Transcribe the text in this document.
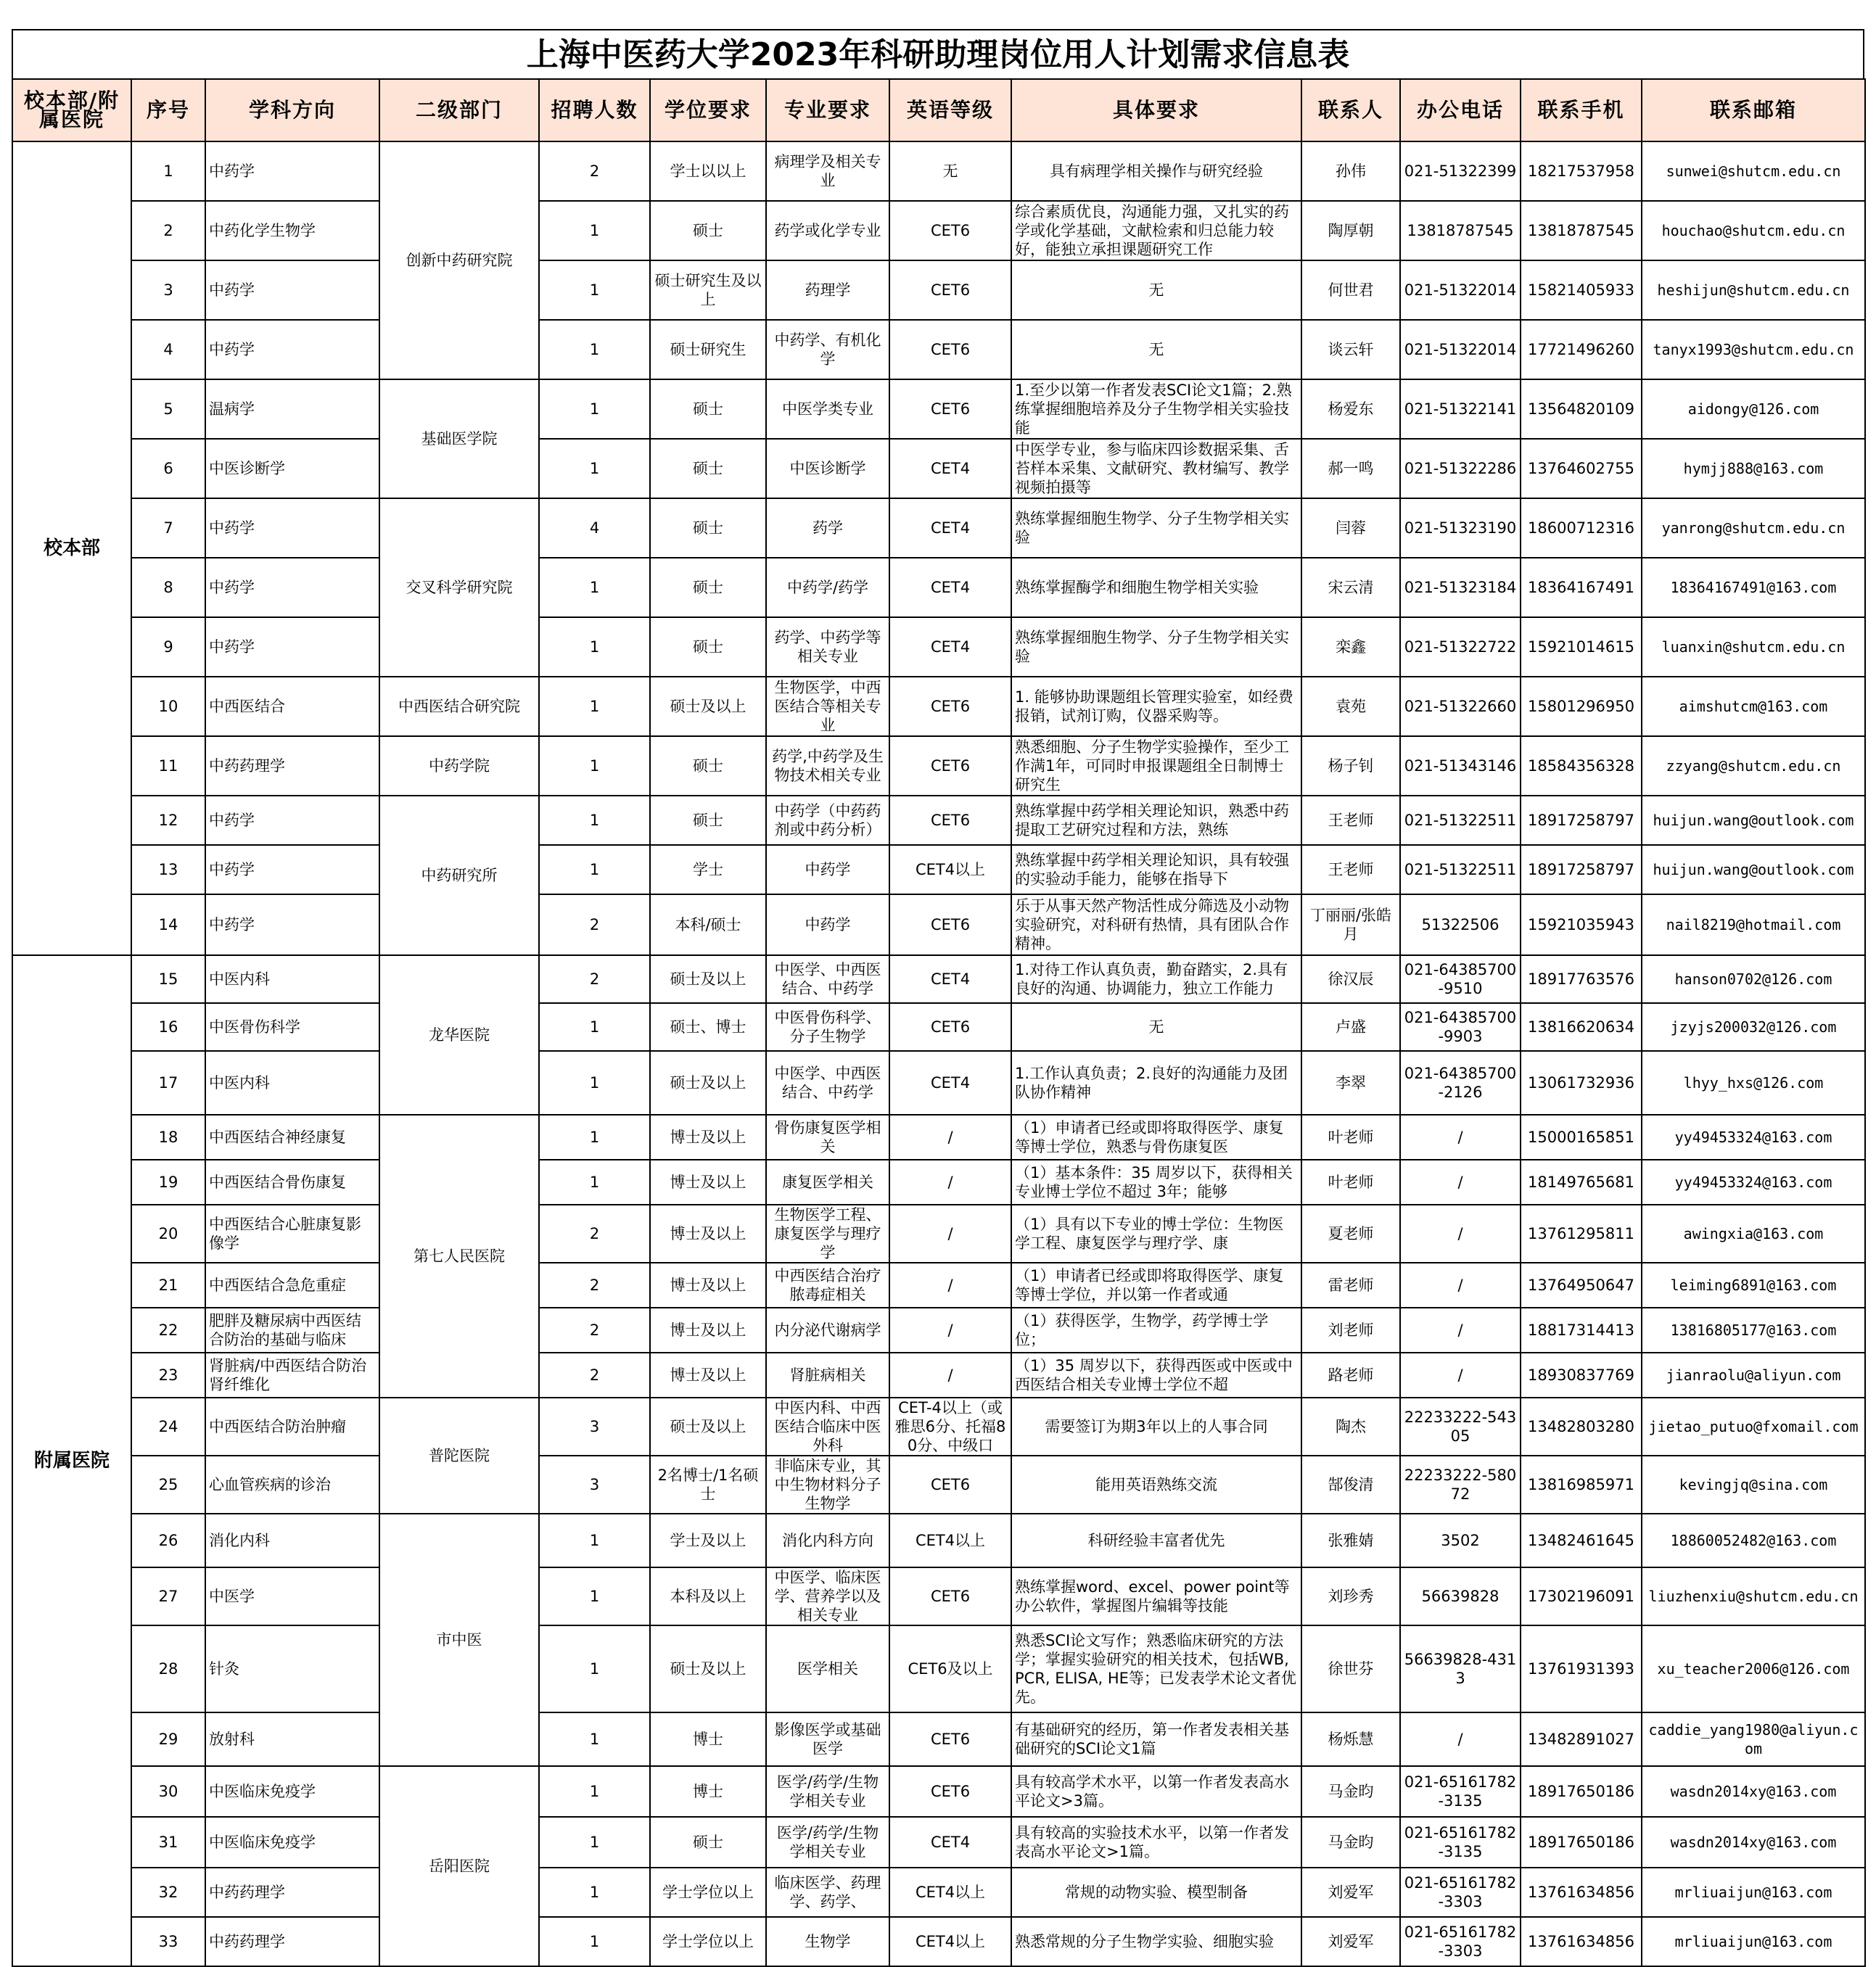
上海中医药大学2023年科研助理岗位用人计划需求信息表
校本部/附属医院	序号	学科方向	二级部门	招聘人数	学位要求	专业要求	英语等级	具体要求	联系人	办公电话	联系手机	联系邮箱
校本部	1	中药学	创新中药研究院	2	学士以以上	病理学及相关专业	无	具有病理学相关操作与研究经验	孙伟	021-51322399	18217537958	sunwei@shutcm.edu.cn
	2	中药化学生物学		1	硕士	药学或化学专业	CET6	综合素质优良，沟通能力强，又扎实的药学或化学基础，文献检索和归总能力较好，能独立承担课题研究工作	陶厚朝	13818787545	13818787545	houchao@shutcm.edu.cn
	3	中药学		1	硕士研究生及以上	药理学	CET6	无	何世君	021-51322014	15821405933	heshijun@shutcm.edu.cn
	4	中药学		1	硕士研究生	中药学、有机化学	CET6	无	谈云轩	021-51322014	17721496260	tanyx1993@shutcm.edu.cn
	5	温病学	基础医学院	1	硕士	中医学类专业	CET6	1.至少以第一作者发表SCI论文1篇；2.熟练掌握细胞培养及分子生物学相关实验技能	杨爱东	021-51322141	13564820109	aidongy@126.com
	6	中医诊断学		1	硕士	中医诊断学	CET4	中医学专业，参与临床四诊数据采集、舌苔样本采集、文献研究、教材编写、教学视频拍摄等	郝一鸣	021-51322286	13764602755	hymjj888@163.com
	7	中药学	交叉科学研究院	4	硕士	药学	CET4	熟练掌握细胞生物学、分子生物学相关实验	闫蓉	021-51323190	18600712316	yanrong@shutcm.edu.cn
	8	中药学		1	硕士	中药学/药学	CET4	熟练掌握酶学和细胞生物学相关实验	宋云清	021-51323184	18364167491	18364167491@163.com
	9	中药学		1	硕士	药学、中药学等相关专业	CET4	熟练掌握细胞生物学、分子生物学相关实验	栾鑫	021-51322722	15921014615	luanxin@shutcm.edu.cn
	10	中西医结合	中西医结合研究院	1	硕士及以上	生物医学，中西医结合等相关专业	CET6	1. 能够协助课题组长管理实验室，如经费报销，试剂订购，仪器采购等。	袁苑	021-51322660	15801296950	aimshutcm@163.com
	11	中药药理学	中药学院	1	硕士	药学,中药学及生物技术相关专业	CET6	熟悉细胞、分子生物学实验操作，至少工作满1年，可同时申报课题组全日制博士研究生	杨子钊	021-51343146	18584356328	zzyang@shutcm.edu.cn
	12	中药学	中药研究所	1	硕士	中药学（中药药剂或中药分析）	CET6	熟练掌握中药学相关理论知识，熟悉中药提取工艺研究过程和方法，熟练	王老师	021-51322511	18917258797	huijun.wang@outlook.com
	13	中药学		1	学士	中药学	CET4以上	熟练掌握中药学相关理论知识，具有较强的实验动手能力，能够在指导下	王老师	021-51322511	18917258797	huijun.wang@outlook.com
	14	中药学		2	本科/硕士	中药学	CET6	乐于从事天然产物活性成分筛选及小动物实验研究，对科研有热情，具有团队合作精神。	丁丽丽/张皓月	51322506	15921035943	nail8219@hotmail.com
附属医院	15	中医内科	龙华医院	2	硕士及以上	中医学、中西医结合、中药学	CET4	1.对待工作认真负责，勤奋踏实，2.具有良好的沟通、协调能力，独立工作能力	徐汉辰	021-64385700-9510	18917763576	hanson0702@126.com
	16	中医骨伤科学		1	硕士、博士	中医骨伤科学、分子生物学	CET6	无	卢盛	021-64385700-9903	13816620634	jzyjs200032@126.com
	17	中医内科		1	硕士及以上	中医学、中西医结合、中药学	CET4	1.工作认真负责；2.良好的沟通能力及团队协作精神	李翠	021-64385700-2126	13061732936	lhyy_hxs@126.com
	18	中西医结合神经康复	第七人民医院	1	博士及以上	骨伤康复医学相关	/	（1）申请者已经或即将取得医学、康复等博士学位，熟悉与骨伤康复医	叶老师	/	15000165851	yy49453324@163.com
	19	中西医结合骨伤康复		1	博士及以上	康复医学相关	/	（1）基本条件：35 周岁以下，获得相关专业博士学位不超过 3年；能够	叶老师	/	18149765681	yy49453324@163.com
	20	中西医结合心脏康复影像学		2	博士及以上	生物医学工程、康复医学与理疗学	/	（1）具有以下专业的博士学位：生物医学工程、康复医学与理疗学、康	夏老师	/	13761295811	awingxia@163.com
	21	中西医结合急危重症		2	博士及以上	中西医结合治疗脓毒症相关	/	（1）申请者已经或即将取得医学、康复等博士学位，并以第一作者或通	雷老师	/	13764950647	leiming6891@163.com
	22	肥胖及糖尿病中西医结合防治的基础与临床		2	博士及以上	内分泌代谢病学	/	（1）获得医学，生物学，药学博士学位；	刘老师	/	18817314413	13816805177@163.com
	23	肾脏病/中西医结合防治肾纤维化		2	博士及以上	肾脏病相关	/	（1）35 周岁以下，获得西医或中医或中西医结合相关专业博士学位不超	路老师	/	18930837769	jianraolu@aliyun.com
	24	中西医结合防治肿瘤	普陀医院	3	硕士及以上	中医内科、中西医结合临床中医外科	CET-4以上（或雅思6分、托福80分、中级口	需要签订为期3年以上的人事合同	陶杰	22233222-54305	13482803280	jietao_putuo@fxomail.com
	25	心血管疾病的诊治		3	2名博士/1名硕士	非临床专业，其中生物材料分子生物学	CET6	能用英语熟练交流	郜俊清	22233222-58072	13816985971	kevingjq@sina.com
	26	消化内科	市中医	1	学士及以上	消化内科方向	CET4以上	科研经验丰富者优先	张雅婧	3502	13482461645	18860052482@163.com
	27	中医学		1	本科及以上	中医学、临床医学、营养学以及相关专业	CET6	熟练掌握word、excel、power point等办公软件，掌握图片编辑等技能	刘珍秀	56639828	17302196091	liuzhenxiu@shutcm.edu.cn
	28	针灸		1	硕士及以上	医学相关	CET6及以上	熟悉SCI论文写作；熟悉临床研究的方法学；掌握实验研究的相关技术，包括WB, PCR, ELISA, HE等；已发表学术论文者优先。	徐世芬	56639828-4313	13761931393	xu_teacher2006@126.com
	29	放射科		1	博士	影像医学或基础医学	CET6	有基础研究的经历，第一作者发表相关基础研究的SCI论文1篇	杨烁慧	/	13482891027	caddie_yang1980@aliyun.com
	30	中医临床免疫学	岳阳医院	1	博士	医学/药学/生物学相关专业	CET6	具有较高学术水平，以第一作者发表高水平论文>3篇。	马金昀	021-65161782-3135	18917650186	wasdn2014xy@163.com
	31	中医临床免疫学		1	硕士	医学/药学/生物学相关专业	CET4	具有较高的实验技术水平，以第一作者发表高水平论文>1篇。	马金昀	021-65161782-3135	18917650186	wasdn2014xy@163.com
	32	中药药理学		1	学士学位以上	临床医学、药理学、药学、	CET4以上	常规的动物实验、模型制备	刘爱军	021-65161782-3303	13761634856	mrliuaijun@163.com
	33	中药药理学		1	学士学位以上	生物学	CET4以上	熟悉常规的分子生物学实验、细胞实验	刘爱军	021-65161782-3303	13761634856	mrliuaijun@163.com
